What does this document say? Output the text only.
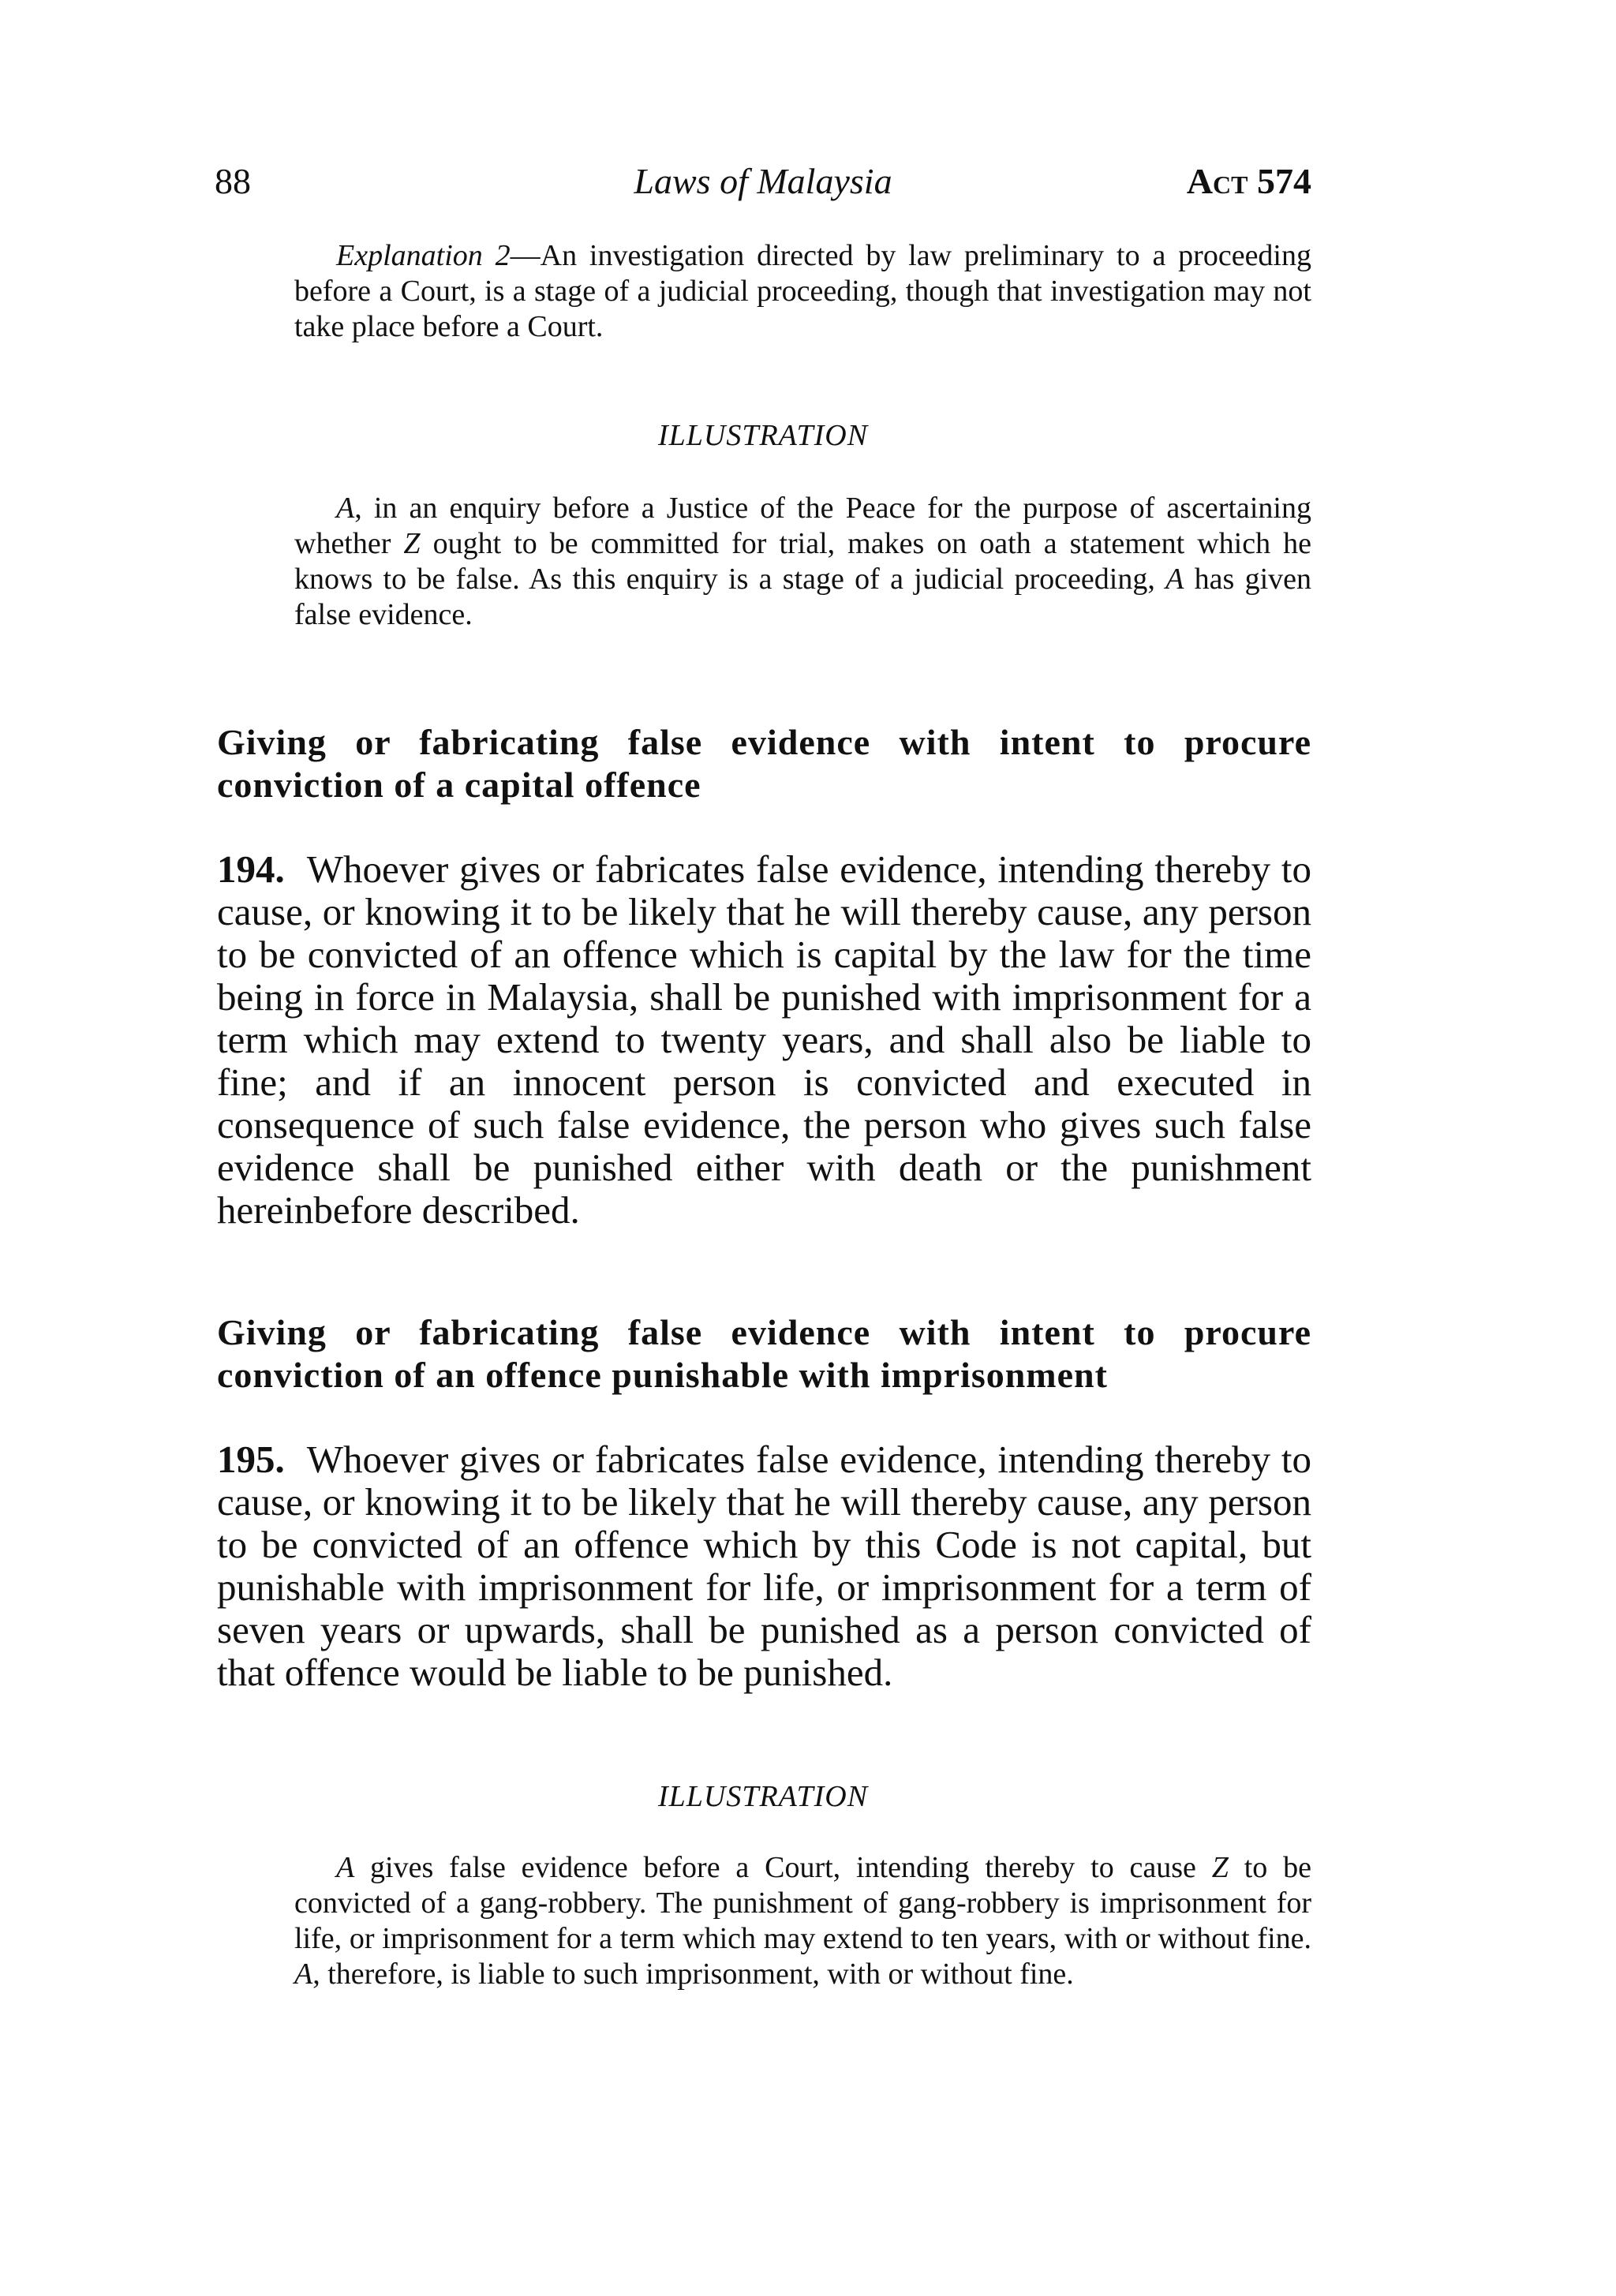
88	Laws of Malaysia	Act 574

Explanation 2—An investigation directed by law preliminary to a proceeding before a Court, is a stage of a judicial proceeding, though that investigation may not take place before a Court.

ILLUSTRATION

A, in an enquiry before a Justice of the Peace for the purpose of ascertaining whether Z ought to be committed for trial, makes on oath a statement which he knows to be false. As this enquiry is a stage of a judicial proceeding, A has given false evidence.

Giving or fabricating false evidence with intent to procure conviction of a capital offence

194. Whoever gives or fabricates false evidence, intending thereby to cause, or knowing it to be likely that he will thereby cause, any person to be convicted of an offence which is capital by the law for the time being in force in Malaysia, shall be punished with imprisonment for a term which may extend to twenty years, and shall also be liable to fine; and if an innocent person is convicted and executed in consequence of such false evidence, the person who gives such false evidence shall be punished either with death or the punishment hereinbefore described.

Giving or fabricating false evidence with intent to procure conviction of an offence punishable with imprisonment

195. Whoever gives or fabricates false evidence, intending thereby to cause, or knowing it to be likely that he will thereby cause, any person to be convicted of an offence which by this Code is not capital, but punishable with imprisonment for life, or imprisonment for a term of seven years or upwards, shall be punished as a person convicted of that offence would be liable to be punished.

ILLUSTRATION

A gives false evidence before a Court, intending thereby to cause Z to be convicted of a gang-robbery. The punishment of gang-robbery is imprisonment for life, or imprisonment for a term which may extend to ten years, with or without fine. A, therefore, is liable to such imprisonment, with or without fine.
